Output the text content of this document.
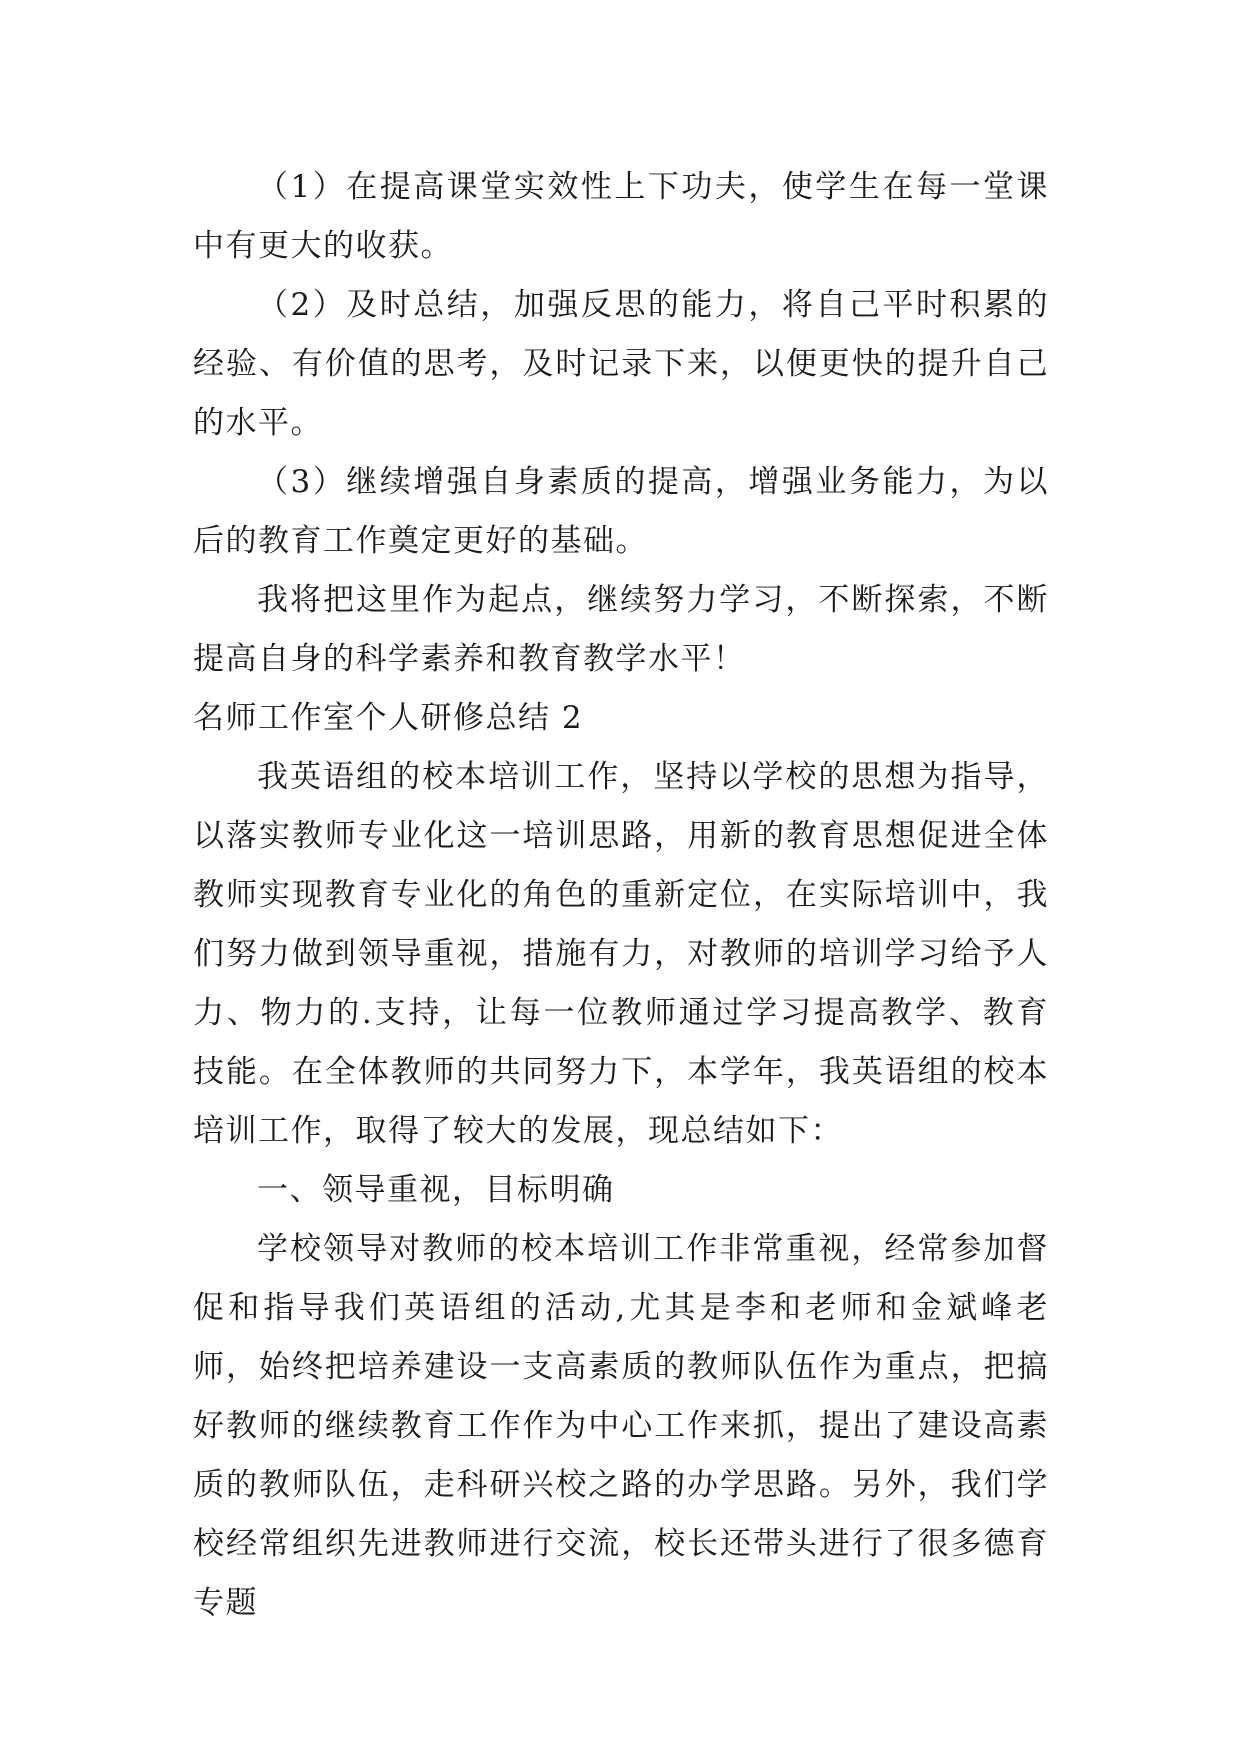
（1）在提高课堂实效性上下功夫，使学生在每一堂课中有更大的收获。

（2）及时总结，加强反思的能力，将自己平时积累的经验、有价值的思考，及时记录下来，以便更快的提升自己的水平。

（3）继续增强自身素质的提高，增强业务能力，为以后的教育工作奠定更好的基础。

我将把这里作为起点，继续努力学习，不断探索，不断提高自身的科学素养和教育教学水平！

名师工作室个人研修总结 2

我英语组的校本培训工作，坚持以学校的思想为指导，以落实教师专业化这一培训思路，用新的教育思想促进全体教师实现教育专业化的角色的重新定位，在实际培训中，我们努力做到领导重视，措施有力，对教师的培训学习给予人力、物力的.支持，让每一位教师通过学习提高教学、教育技能。在全体教师的共同努力下，本学年，我英语组的校本培训工作，取得了较大的发展，现总结如下：

一、领导重视，目标明确

学校领导对教师的校本培训工作非常重视，经常参加督促和指导我们英语组的活动,尤其是李和老师和金斌峰老师，始终把培养建设一支高素质的教师队伍作为重点，把搞好教师的继续教育工作作为中心工作来抓，提出了建设高素质的教师队伍，走科研兴校之路的办学思路。另外，我们学校经常组织先进教师进行交流，校长还带头进行了很多德育专题
